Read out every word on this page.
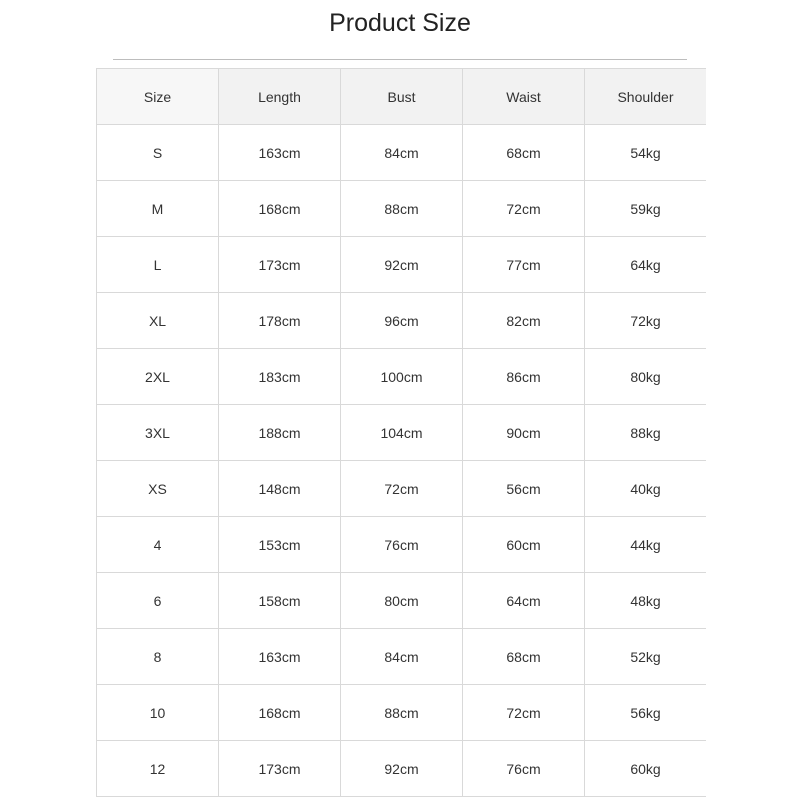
Product Size
Size	Length	Bust	Waist	Shoulder
S	163cm	84cm	68cm	54kg
M	168cm	88cm	72cm	59kg
L	173cm	92cm	77cm	64kg
XL	178cm	96cm	82cm	72kg
2XL	183cm	100cm	86cm	80kg
3XL	188cm	104cm	90cm	88kg
XS	148cm	72cm	56cm	40kg
4	153cm	76cm	60cm	44kg
6	158cm	80cm	64cm	48kg
8	163cm	84cm	68cm	52kg
10	168cm	88cm	72cm	56kg
12	173cm	92cm	76cm	60kg
